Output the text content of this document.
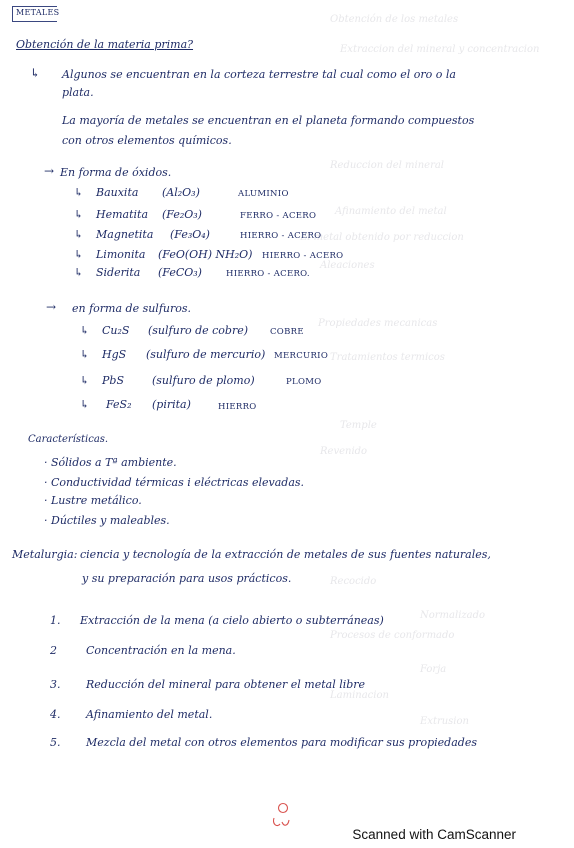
Obtención de los metales
Extraccion del mineral y concentracion
Reduccion del mineral
Afinamiento del metal
El metal obtenido por reduccion
Aleaciones
Propiedades mecanicas
Tratamientos termicos
Temple
Revenido
Recocido
Normalizado
Procesos de conformado
Forja
Laminacion
Extrusion
METALES
Obtención de la materia prima?
↳ Algunos se encuentran en la corteza terrestre tal cual como el oro o la
plata.
La mayoría de metales se encuentran en el planeta formando compuestos
con otros elementos químicos.
→ En forma de óxidos.
↳ Bauxita (Al₂O₃)	ALUMINIO
↳ Hematita (Fe₂O₃)	FERRO - ACERO
↳ Magnetita (Fe₃O₄)	HIERRO - ACERO
↳ Limonita (FeO(OH) NH₂O) HIERRO - ACERO
↳ Siderita (FeCO₃)	HIERRO - ACERO.
→ en forma de sulfuros.
↳ Cu₂S (sulfuro de cobre)	COBRE
↳ HgS (sulfuro de mercurio) MERCURIO
↳ PbS	(sulfuro de plomo)	PLOMO
↳ FeS₂ (pirita)	HIERRO
Características.
· Sólidos a Tª ambiente.
· Conductividad térmicas i eléctricas elevadas.
· Lustre metálico.
· Dúctiles y maleables.
Metalurgia: ciencia y tecnología de la extracción de metales de sus fuentes naturales,
y su preparación para usos prácticos.
1. Extracción de la mena (a cielo abierto o subterráneas)
2	Concentración en la mena.
3. Reducción del mineral para obtener el metal libre
4. Afinamiento del metal.
5. Mezcla del metal con otros elementos para modificar sus propiedades
Scanned with CamScanner
